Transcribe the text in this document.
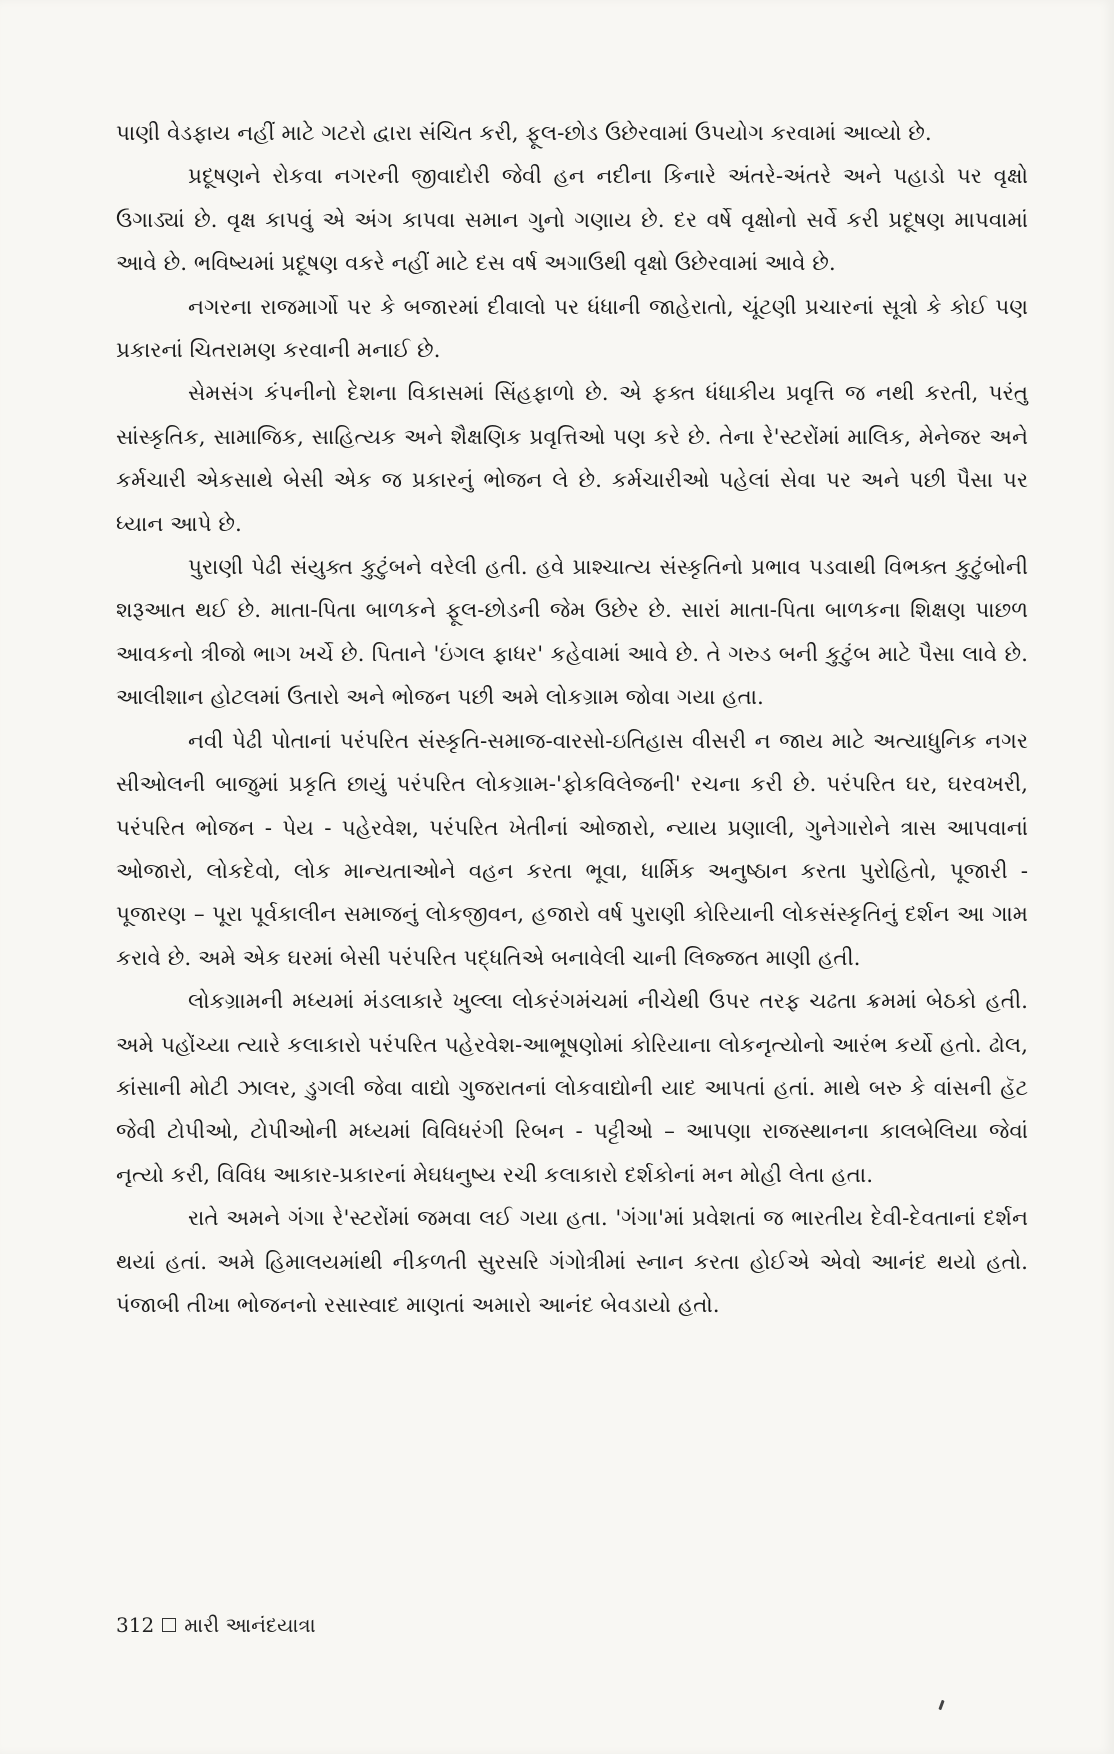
પાણી વેડફાય નહીં માટે ગટરો દ્વારા સંચિત કરી, ફૂલ-છોડ ઉછેરવામાં ઉપયોગ કરવામાં આવ્યો છે.

પ્રદૂષણને રોકવા નગરની જીવાદોરી જેવી હન નદીના કિનારે અંતરે-અંતરે અને પહાડો પર વૃક્ષો ઉગાડ્યાં છે. વૃક્ષ કાપવું એ અંગ કાપવા સમાન ગુનો ગણાય છે. દર વર્ષે વૃક્ષોનો સર્વે કરી પ્રદૂષણ માપવામાં આવે છે. ભવિષ્યમાં પ્રદૂષણ વકરે નહીં માટે દસ વર્ષ અગાઉથી વૃક્ષો ઉછેરવામાં આવે છે.

નગરના રાજમાર્ગો પર કે બજારમાં દીવાલો પર ધંધાની જાહેરાતો, ચૂંટણી પ્રચારનાં સૂત્રો કે કોઈ પણ પ્રકારનાં ચિતરામણ કરવાની મનાઈ છે.

સેમસંગ કંપનીનો દેશના વિકાસમાં સિંહફાળો છે. એ ફક્ત ધંધાકીય પ્રવૃત્તિ જ નથી કરતી, પરંતુ સાંસ્કૃતિક, સામાજિક, સાહિત્યક અને શૈક્ષણિક પ્રવૃત્તિઓ પણ કરે છે. તેના રે'સ્ટરોંમાં માલિક, મેનેજર અને કર્મચારી એકસાથે બેસી એક જ પ્રકારનું ભોજન લે છે. કર્મચારીઓ પહેલાં સેવા પર અને પછી પૈસા પર ધ્યાન આપે છે.

પુરાણી પેઢી સંયુક્ત કુટુંબને વરેલી હતી. હવે પ્રાશ્ચાત્ય સંસ્કૃતિનો પ્રભાવ પડવાથી વિભક્ત કુટુંબોની શરૂઆત થઈ છે. માતા-પિતા બાળકને ફૂલ-છોડની જેમ ઉછેર છે. સારાં માતા-પિતા બાળકના શિક્ષણ પાછળ આવકનો ત્રીજો ભાગ ખર્ચે છે. પિતાને 'ઇંગલ ફાધર' કહેવામાં આવે છે. તે ગરુડ બની કુટુંબ માટે પૈસા લાવે છે. આલીશાન હોટલમાં ઉતારો અને ભોજન પછી અમે લોકગ્રામ જોવા ગયા હતા.

નવી પેઢી પોતાનાં પરંપરિત સંસ્કૃતિ-સમાજ-વારસો-ઇતિહાસ વીસરી ન જાય માટે અત્યાધુનિક નગર સીઓલની બાજુમાં પ્રકૃતિ છાયું પરંપરિત લોકગ્રામ-'ફોકવિલેજની' રચના કરી છે. પરંપરિત ઘર, ઘરવખરી, પરંપરિત ભોજન - પેય - પહેરવેશ, પરંપરિત ખેતીનાં ઓજારો, ન્યાય પ્રણાલી, ગુનેગારોને ત્રાસ આપવાનાં ઓજારો, લોકદેવો, લોક માન્યતાઓને વહન કરતા ભૂવા, ધાર્મિક અનુષ્ઠાન કરતા પુરોહિતો, પૂજારી - પૂજારણ – પૂરા પૂર્વકાલીન સમાજનું લોકજીવન, હજારો વર્ષ પુરાણી કોરિયાની લોકસંસ્કૃતિનું દર્શન આ ગામ કરાવે છે. અમે એક ઘરમાં બેસી પરંપરિત પદ્ધતિએ બનાવેલી ચાની લિજ્જત માણી હતી.

લોકગ્રામની મધ્યમાં મંડલાકારે ખુલ્લા લોકરંગમંચમાં નીચેથી ઉપર તરફ ચઢતા ક્રમમાં બેઠકો હતી. અમે પહોંચ્યા ત્યારે કલાકારો પરંપરિત પહેરવેશ-આભૂષણોમાં કોરિયાના લોકનૃત્યોનો આરંભ કર્યો હતો. ઢોલ, કાંસાની મોટી ઝાલર, ડુગલી જેવા વાદ્યો ગુજરાતનાં લોકવાદ્યોની યાદ આપતાં હતાં. માથે બરુ કે વાંસની હૅટ જેવી ટોપીઓ, ટોપીઓની મધ્યમાં વિવિધરંગી રિબન - પટ્ટીઓ – આપણા રાજસ્થાનના કાલબેલિયા જેવાં નૃત્યો કરી, વિવિધ આકાર-પ્રકારનાં મેઘધનુષ્ય રચી કલાકારો દર્શકોનાં મન મોહી લેતા હતા.

રાતે અમને ગંગા રે'સ્ટરોંમાં જમવા લઈ ગયા હતા. 'ગંગા'માં પ્રવેશતાં જ ભારતીય દેવી-દેવતાનાં દર્શન થયાં હતાં. અમે હિમાલયમાંથી નીકળતી સુરસરિ ગંગોત્રીમાં સ્નાન કરતા હોઈએ એવો આનંદ થયો હતો. પંજાબી તીખા ભોજનનો રસાસ્વાદ માણતાં અમારો આનંદ બેવડાયો હતો.

312 મારી આનંદયાત્રા
